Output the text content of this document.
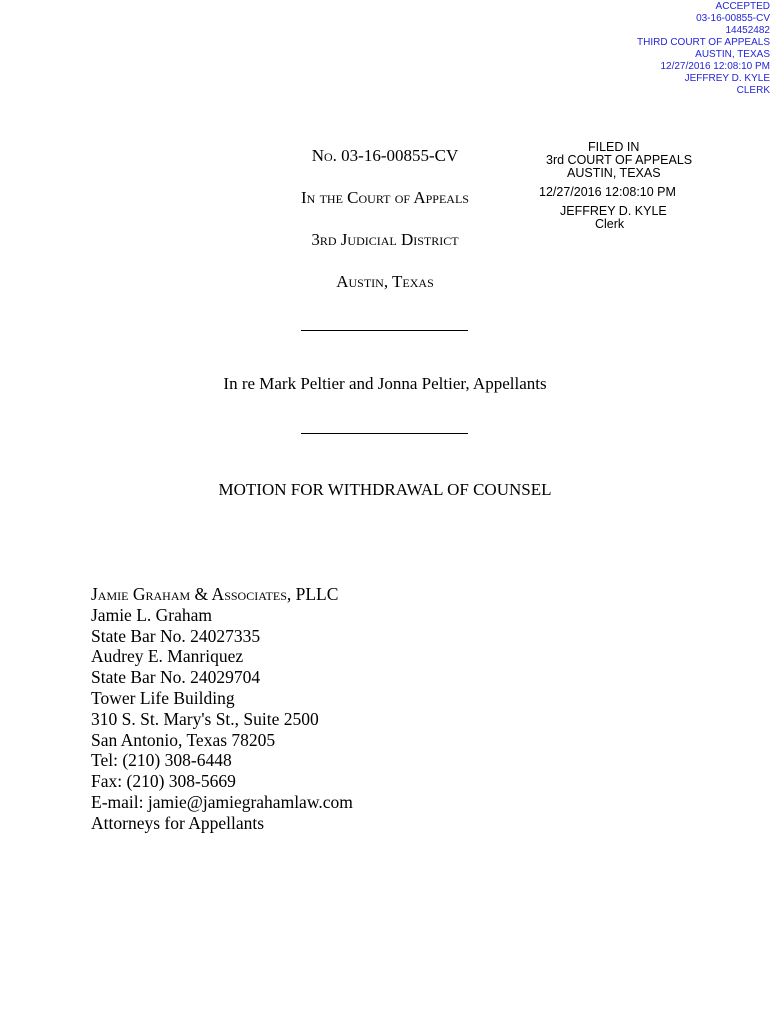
ACCEPTED
03-16-00855-CV
14452482
THIRD COURT OF APPEALS
AUSTIN, TEXAS
12/27/2016 12:08:10 PM
JEFFREY D. KYLE
CLERK
FILED IN
3rd COURT OF APPEALS
AUSTIN, TEXAS
12/27/2016 12:08:10 PM
JEFFREY D. KYLE
Clerk
No. 03-16-00855-CV
In the Court of Appeals
3rd Judicial District
Austin, Texas
In re Mark Peltier and Jonna Peltier, Appellants
MOTION FOR WITHDRAWAL OF COUNSEL
Jamie Graham & Associates, PLLC
Jamie L. Graham
State Bar No. 24027335
Audrey E. Manriquez
State Bar No. 24029704
Tower Life Building
310 S. St. Mary's St., Suite 2500
San Antonio, Texas 78205
Tel: (210) 308-6448
Fax: (210) 308-5669
E-mail: jamie@jamiegrahamlaw.com
Attorneys for Appellants
